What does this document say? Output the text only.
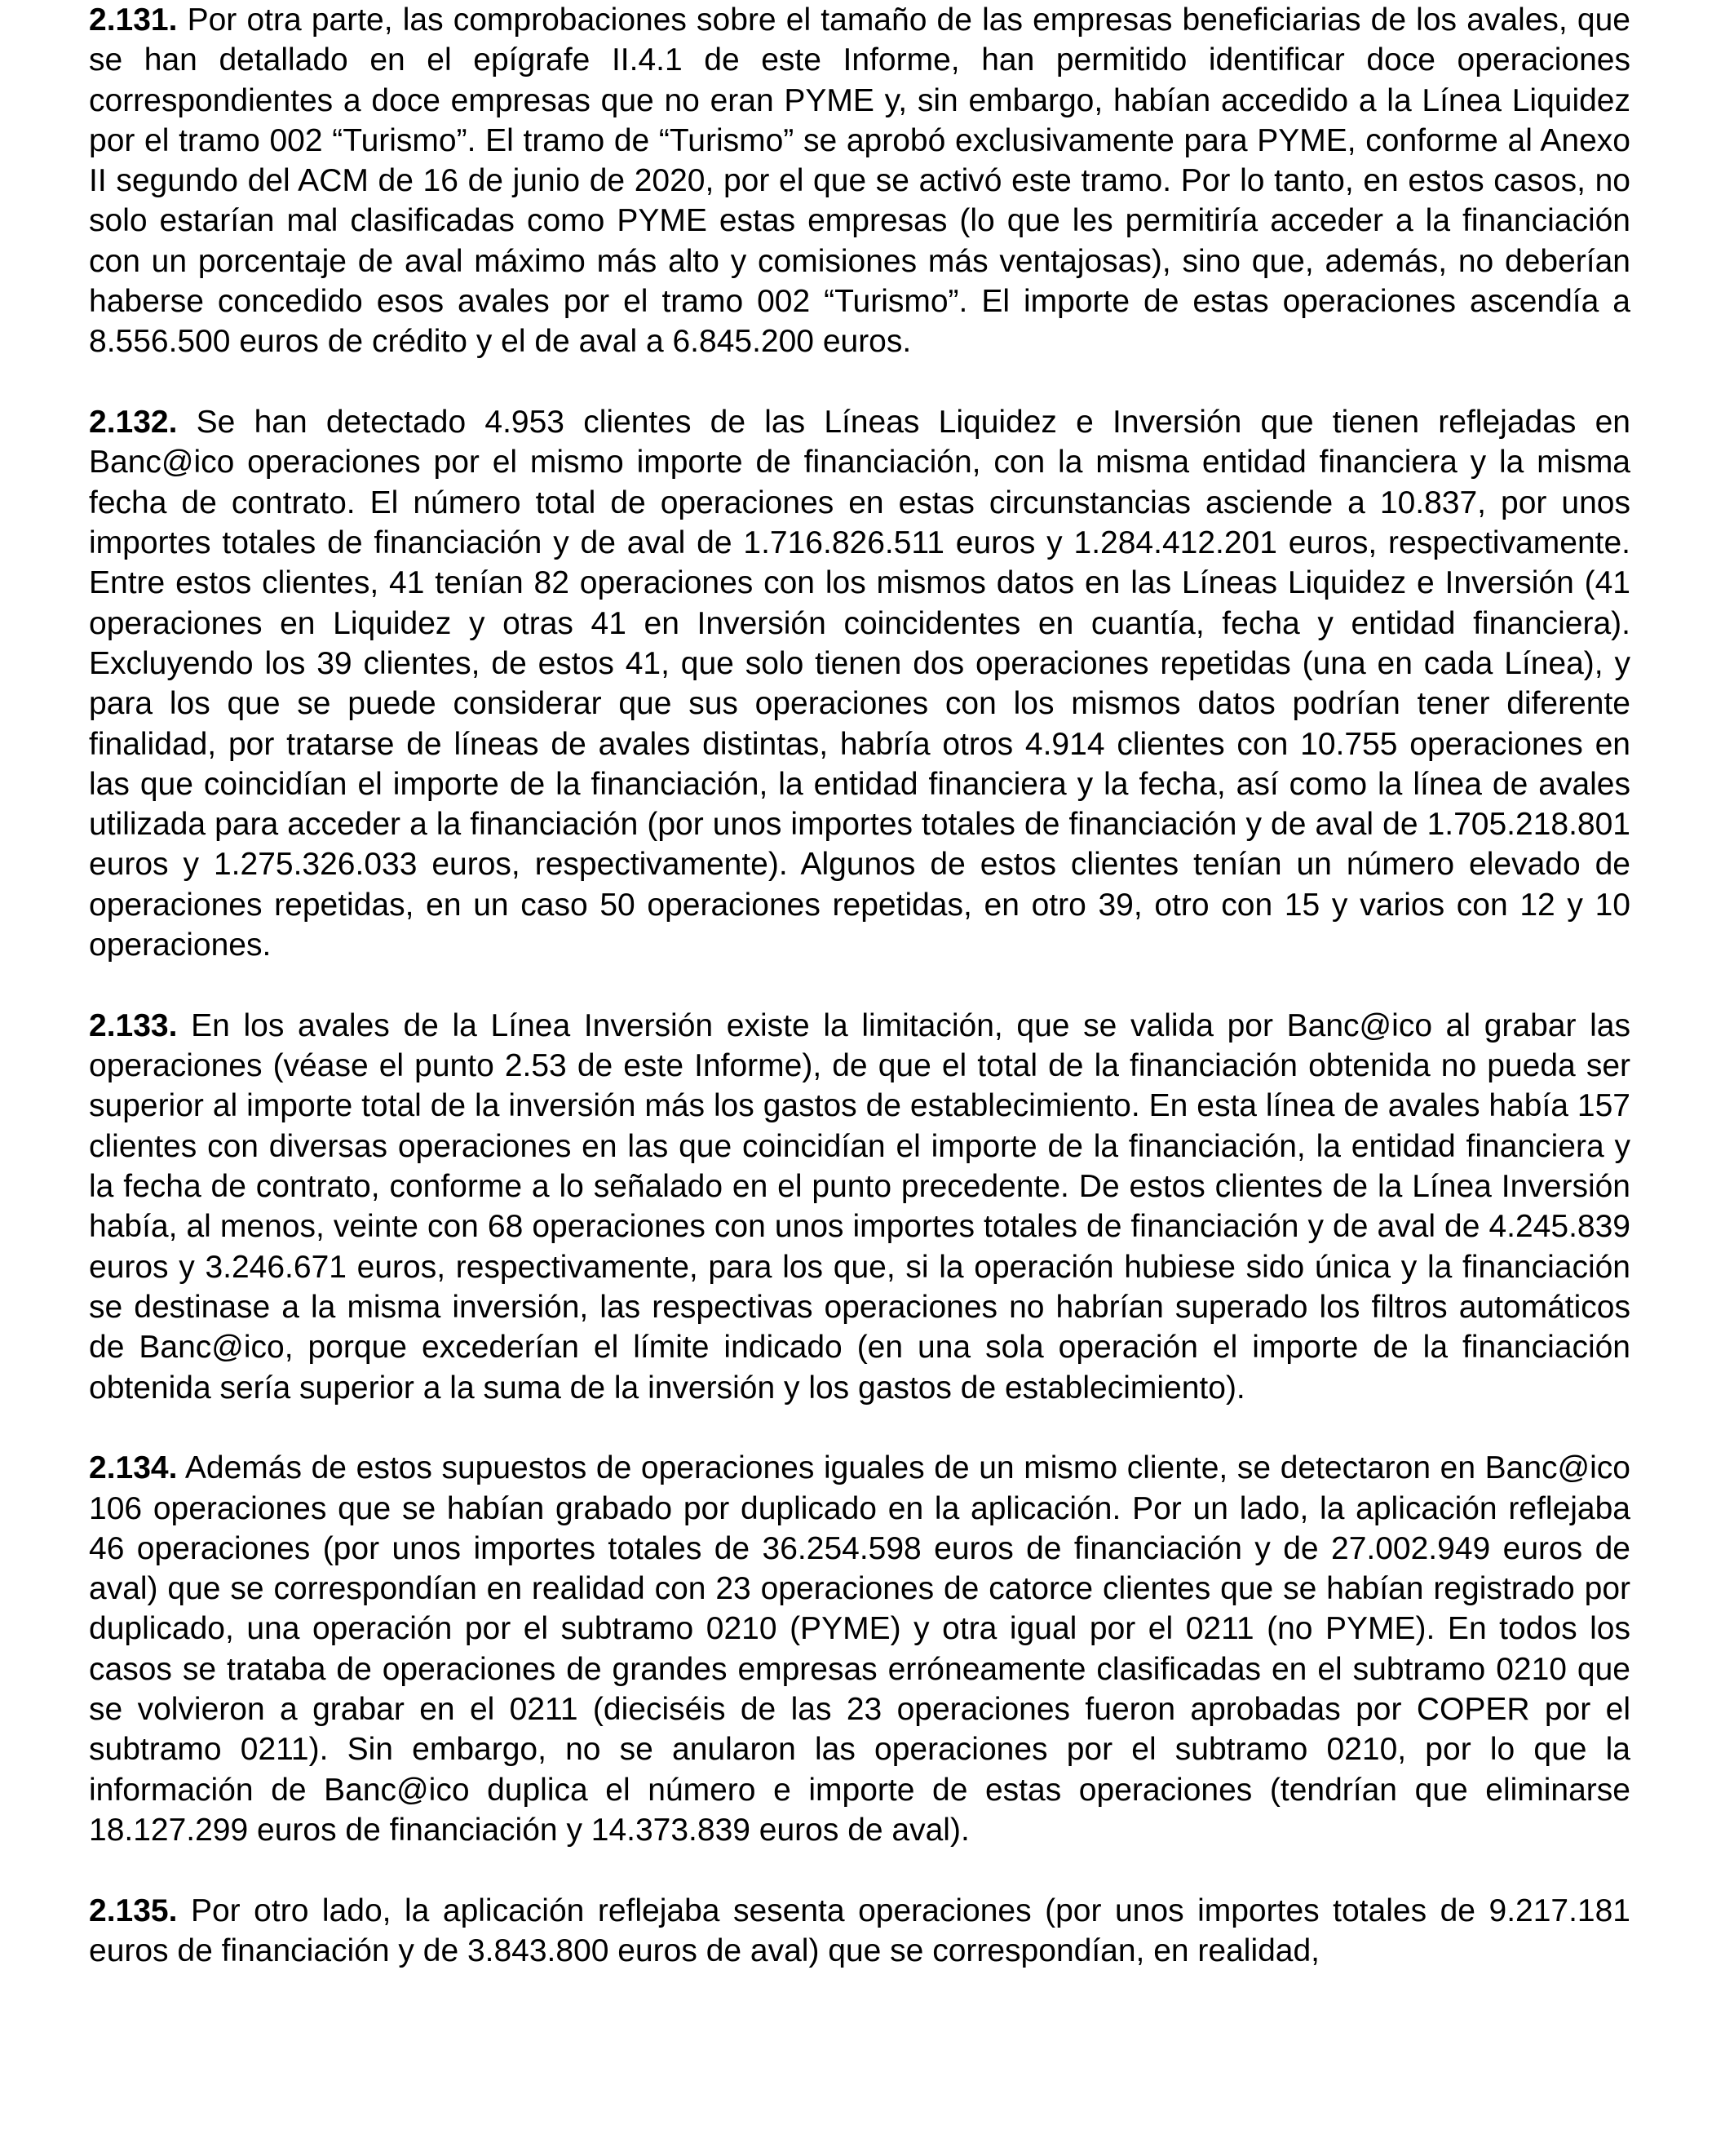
2.131. Por otra parte, las comprobaciones sobre el tamaño de las empresas beneficiarias de los avales, que se han detallado en el epígrafe II.4.1 de este Informe, han permitido identificar doce operaciones correspondientes a doce empresas que no eran PYME y, sin embargo, habían accedido a la Línea Liquidez por el tramo 002 “Turismo”. El tramo de “Turismo” se aprobó exclusivamente para PYME, conforme al Anexo II segundo del ACM de 16 de junio de 2020, por el que se activó este tramo. Por lo tanto, en estos casos, no solo estarían mal clasificadas como PYME estas empresas (lo que les permitiría acceder a la financiación con un porcentaje de aval máximo más alto y comisiones más ventajosas), sino que, además, no deberían haberse concedido esos avales por el tramo 002 “Turismo”. El importe de estas operaciones ascendía a 8.556.500 euros de crédito y el de aval a 6.845.200 euros.

2.132. Se han detectado 4.953 clientes de las Líneas Liquidez e Inversión que tienen reflejadas en Banc@ico operaciones por el mismo importe de financiación, con la misma entidad financiera y la misma fecha de contrato. El número total de operaciones en estas circunstancias asciende a 10.837, por unos importes totales de financiación y de aval de 1.716.826.511 euros y 1.284.412.201 euros, respectivamente. Entre estos clientes, 41 tenían 82 operaciones con los mismos datos en las Líneas Liquidez e Inversión (41 operaciones en Liquidez y otras 41 en Inversión coincidentes en cuantía, fecha y entidad financiera). Excluyendo los 39 clientes, de estos 41, que solo tienen dos operaciones repetidas (una en cada Línea), y para los que se puede considerar que sus operaciones con los mismos datos podrían tener diferente finalidad, por tratarse de líneas de avales distintas, habría otros 4.914 clientes con 10.755 operaciones en las que coincidían el importe de la financiación, la entidad financiera y la fecha, así como la línea de avales utilizada para acceder a la financiación (por unos importes totales de financiación y de aval de 1.705.218.801 euros y 1.275.326.033 euros, respectivamente). Algunos de estos clientes tenían un número elevado de operaciones repetidas, en un caso 50 operaciones repetidas, en otro 39, otro con 15 y varios con 12 y 10 operaciones.

2.133. En los avales de la Línea Inversión existe la limitación, que se valida por Banc@ico al grabar las operaciones (véase el punto 2.53 de este Informe), de que el total de la financiación obtenida no pueda ser superior al importe total de la inversión más los gastos de establecimiento. En esta línea de avales había 157 clientes con diversas operaciones en las que coincidían el importe de la financiación, la entidad financiera y la fecha de contrato, conforme a lo señalado en el punto precedente. De estos clientes de la Línea Inversión había, al menos, veinte con 68 operaciones con unos importes totales de financiación y de aval de 4.245.839 euros y 3.246.671 euros, respectivamente, para los que, si la operación hubiese sido única y la financiación se destinase a la misma inversión, las respectivas operaciones no habrían superado los filtros automáticos de Banc@ico, porque excederían el límite indicado (en una sola operación el importe de la financiación obtenida sería superior a la suma de la inversión y los gastos de establecimiento).

2.134. Además de estos supuestos de operaciones iguales de un mismo cliente, se detectaron en Banc@ico 106 operaciones que se habían grabado por duplicado en la aplicación. Por un lado, la aplicación reflejaba 46 operaciones (por unos importes totales de 36.254.598 euros de financiación y de 27.002.949 euros de aval) que se correspondían en realidad con 23 operaciones de catorce clientes que se habían registrado por duplicado, una operación por el subtramo 0210 (PYME) y otra igual por el 0211 (no PYME). En todos los casos se trataba de operaciones de grandes empresas erróneamente clasificadas en el subtramo 0210 que se volvieron a grabar en el 0211 (dieciséis de las 23 operaciones fueron aprobadas por COPER por el subtramo 0211). Sin embargo, no se anularon las operaciones por el subtramo 0210, por lo que la información de Banc@ico duplica el número e importe de estas operaciones (tendrían que eliminarse 18.127.299 euros de financiación y 14.373.839 euros de aval).

2.135. Por otro lado, la aplicación reflejaba sesenta operaciones (por unos importes totales de 9.217.181 euros de financiación y de 3.843.800 euros de aval) que se correspondían, en realidad,
